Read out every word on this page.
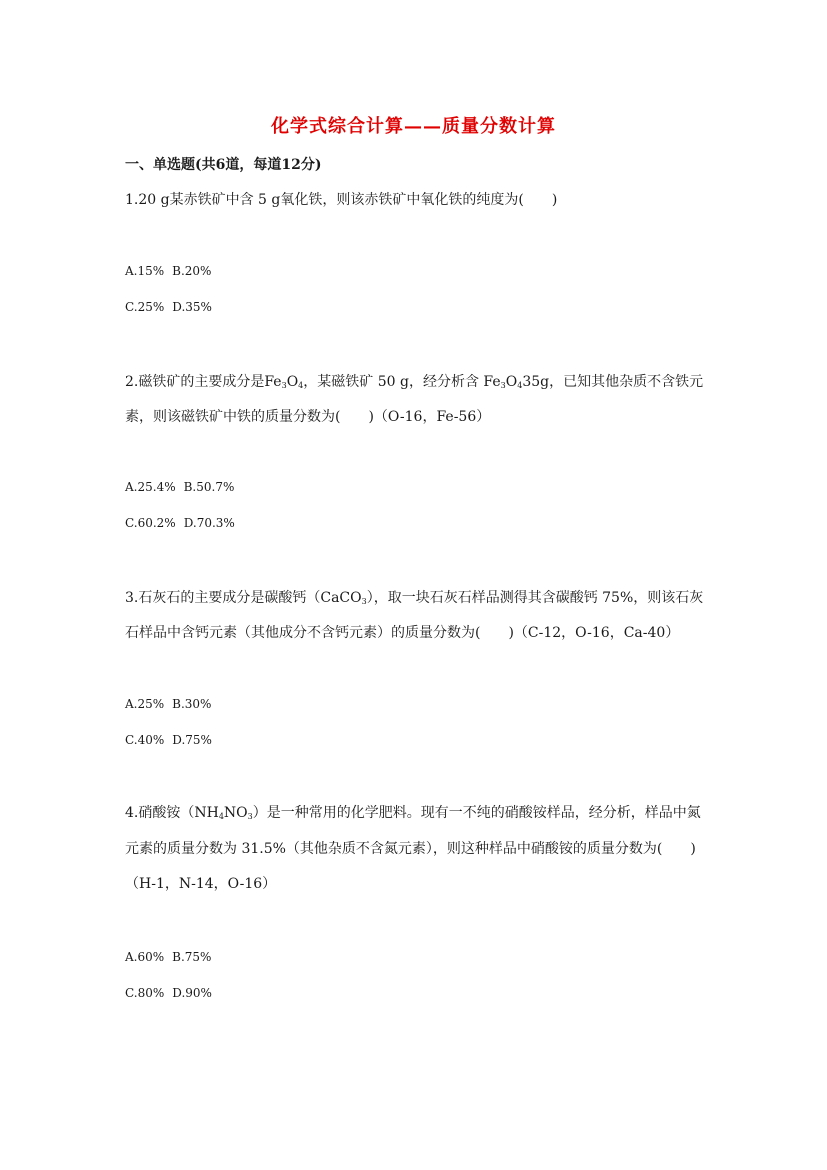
化学式综合计算——质量分数计算
一、单选题(共6道，每道12分)
1.20 g某赤铁矿中含 5 g氧化铁，则该赤铁矿中氧化铁的纯度为(　　)
A.15% B.20%
C.25% D.35%
2.磁铁矿的主要成分是$Fe_3O_4$，某磁铁矿 50 g，经分析含 $Fe_3O_435g$，已知其他杂质不含铁元
素，则该磁铁矿中铁的质量分数为(　　)（O-16，Fe-56）
A.25.4% B.50.7%
C.60.2% D.70.3%
3.石灰石的主要成分是碳酸钙（CaCO$_3$），取一块石灰石样品测得其含碳酸钙 75%，则该石灰
石样品中含钙元素（其他成分不含钙元素）的质量分数为(　　)（C-12，O-16，Ca-40）
A.25% B.30%
C.40% D.75%
4.硝酸铵$(NH_4NO_3)$是一种常用的化学肥料。现有一不纯的硝酸铵样品，经分析，样品中氮
元素的质量分数为 31.5%（其他杂质不含氮元素），则这种样品中硝酸铵的质量分数为(　　)
（H-1，N-14，O-16）
A.60% B.75%
C.80% D.90%
